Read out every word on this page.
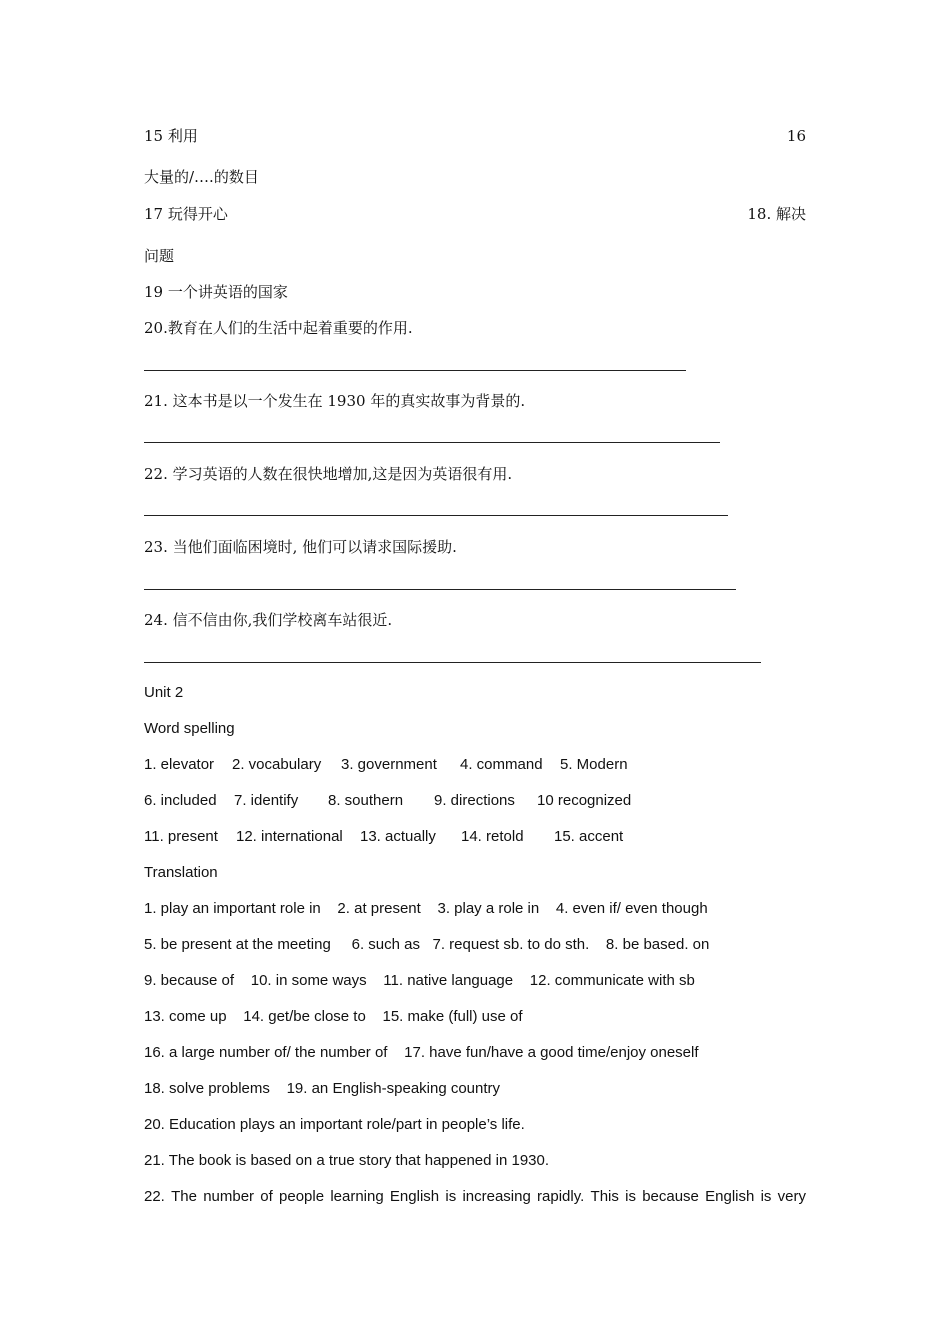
15 利用	16
大量的/….的数目
17 玩得开心	18. 解决
问题
19 一个讲英语的国家
20.教育在人们的生活中起着重要的作用.
21. 这本书是以一个发生在 1930 年的真实故事为背景的.
22. 学习英语的人数在很快地增加,这是因为英语很有用.
23. 当他们面临困境时, 他们可以请求国际援助.
24. 信不信由你,我们学校离车站很近.
Unit 2
Word spelling
1. elevator 2. vocabulary 3. government 4. command 5. Modern
6. included 7. identify 8. southern 9. directions 10 recognized
11. present 12. international 13. actually 14. retold 15. accent
Translation
1. play an important role in    2. at present    3. play a role in    4. even if/ even though
5. be present at the meeting     6. such as   7. request sb. to do sth.    8. be based. on
9. because of    10. in some ways    11. native language    12. communicate with sb
13. come up    14. get/be close to    15. make (full) use of
16. a large number of/ the number of    17. have fun/have a good time/enjoy oneself
18. solve problems    19. an English-speaking country
20. Education plays an important role/part in people’s life.
21. The book is based on a true story that happened in 1930.
22. The number of people learning English is increasing rapidly. This is because English is very
